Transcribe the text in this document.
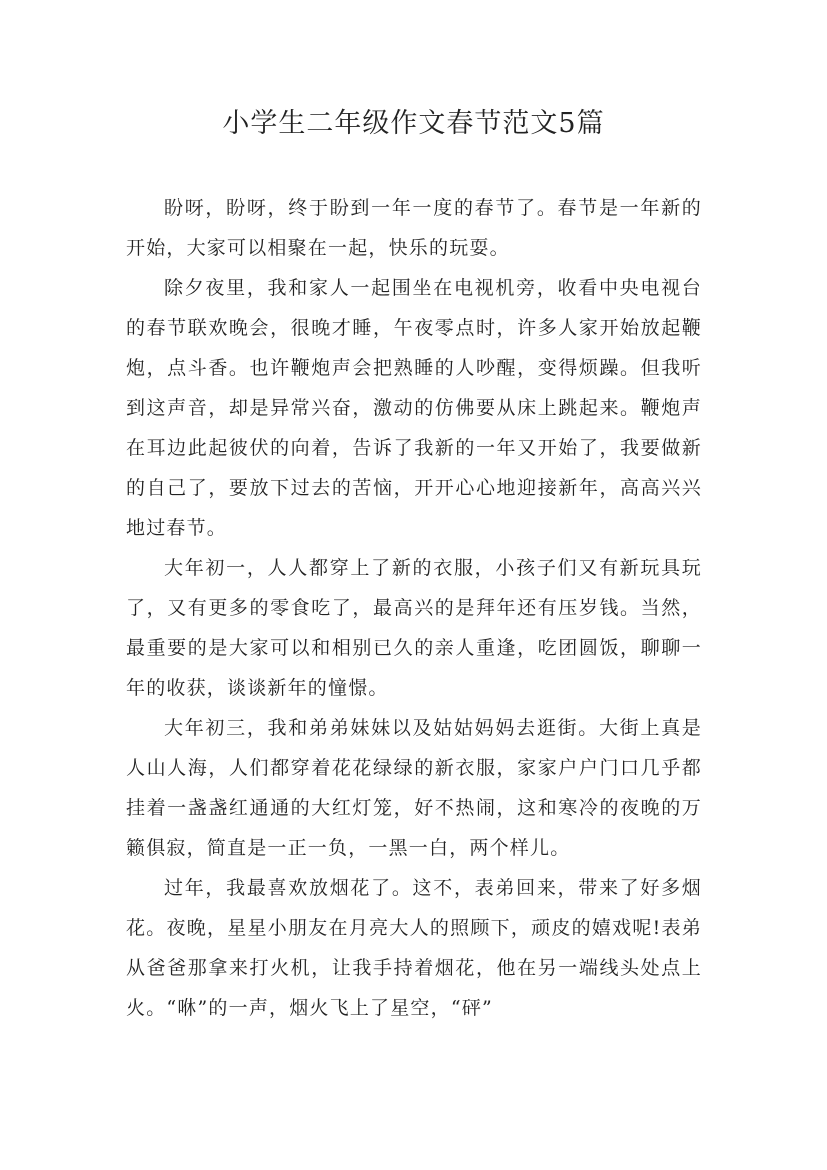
小学生二年级作文春节范文5篇

盼呀，盼呀，终于盼到一年一度的春节了。春节是一年新的开始，大家可以相聚在一起，快乐的玩耍。

除夕夜里，我和家人一起围坐在电视机旁，收看中央电视台的春节联欢晚会，很晚才睡，午夜零点时，许多人家开始放起鞭炮，点斗香。也许鞭炮声会把熟睡的人吵醒，变得烦躁。但我听到这声音，却是异常兴奋，激动的仿佛要从床上跳起来。鞭炮声在耳边此起彼伏的向着，告诉了我新的一年又开始了，我要做新的自己了，要放下过去的苦恼，开开心心地迎接新年，高高兴兴地过春节。

大年初一，人人都穿上了新的衣服，小孩子们又有新玩具玩了，又有更多的零食吃了，最高兴的是拜年还有压岁钱。当然，最重要的是大家可以和相别已久的亲人重逢，吃团圆饭，聊聊一年的收获，谈谈新年的憧憬。

大年初三，我和弟弟妹妹以及姑姑妈妈去逛街。大街上真是人山人海，人们都穿着花花绿绿的新衣服，家家户户门口几乎都挂着一盏盏红通通的大红灯笼，好不热闹，这和寒冷的夜晚的万籁俱寂，简直是一正一负，一黑一白，两个样儿。

过年，我最喜欢放烟花了。这不，表弟回来，带来了好多烟花。夜晚，星星小朋友在月亮大人的照顾下，顽皮的嬉戏呢!表弟从爸爸那拿来打火机，让我手持着烟花，他在另一端线头处点上火。“咻”的一声，烟火飞上了星空，“砰”
